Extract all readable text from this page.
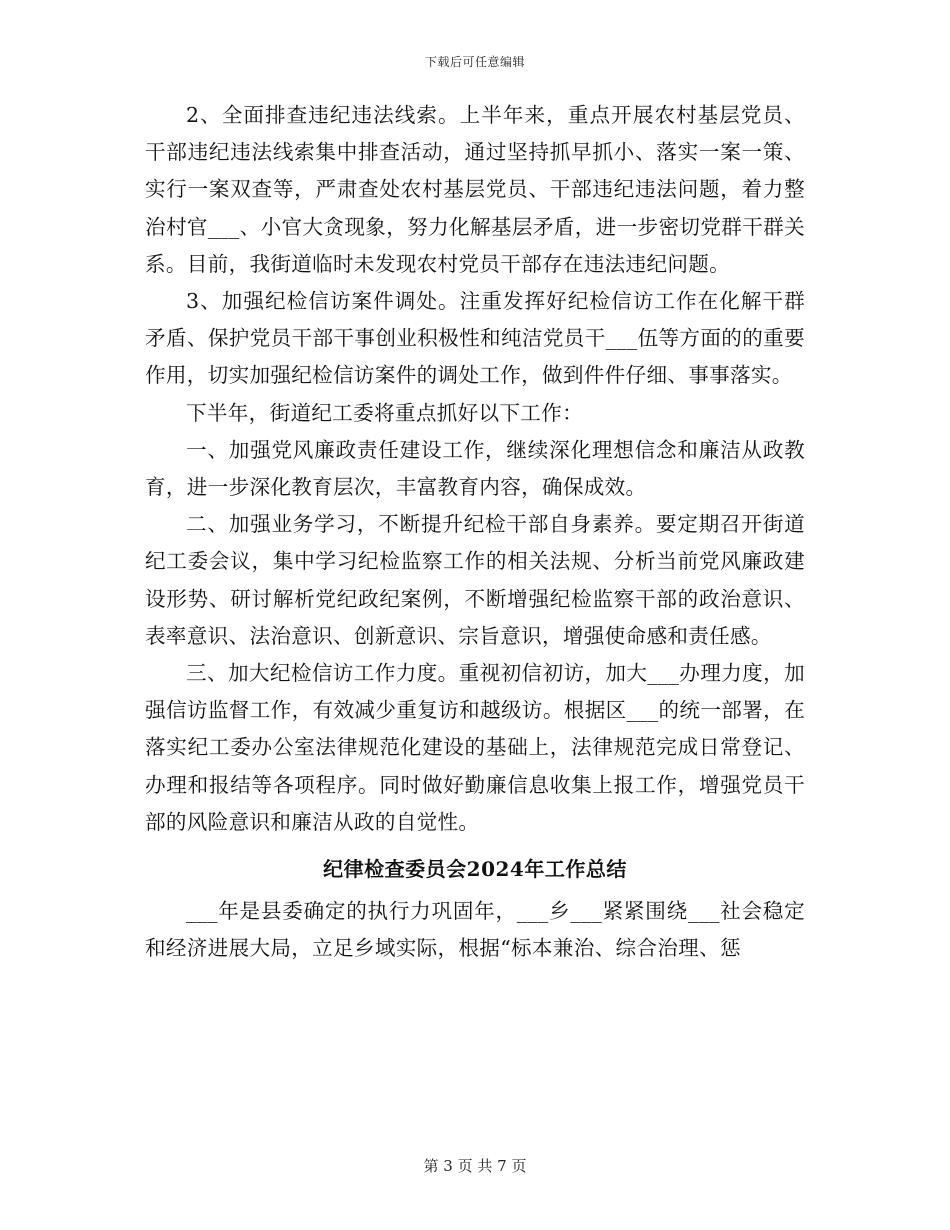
下载后可任意编辑

2、全面排查违纪违法线索。上半年来，重点开展农村基层党员、干部违纪违法线索集中排查活动，通过坚持抓早抓小、落实一案一策、实行一案双查等，严肃查处农村基层党员、干部违纪违法问题，着力整治村官___、小官大贪现象，努力化解基层矛盾，进一步密切党群干群关系。目前，我街道临时未发现农村党员干部存在违法违纪问题。

3、加强纪检信访案件调处。注重发挥好纪检信访工作在化解干群矛盾、保护党员干部干事创业积极性和纯洁党员干___伍等方面的的重要作用，切实加强纪检信访案件的调处工作，做到件件仔细、事事落实。

下半年，街道纪工委将重点抓好以下工作：

一、加强党风廉政责任建设工作，继续深化理想信念和廉洁从政教育，进一步深化教育层次，丰富教育内容，确保成效。

二、加强业务学习，不断提升纪检干部自身素养。要定期召开街道纪工委会议，集中学习纪检监察工作的相关法规、分析当前党风廉政建设形势、研讨解析党纪政纪案例，不断增强纪检监察干部的政治意识、表率意识、法治意识、创新意识、宗旨意识，增强使命感和责任感。

三、加大纪检信访工作力度。重视初信初访，加大___办理力度，加强信访监督工作，有效减少重复访和越级访。根据区___的统一部署，在落实纪工委办公室法律规范化建设的基础上，法律规范完成日常登记、办理和报结等各项程序。同时做好勤廉信息收集上报工作，增强党员干部的风险意识和廉洁从政的自觉性。

纪律检查委员会2024年工作总结

___年是县委确定的执行力巩固年，___乡___紧紧围绕___社会稳定和经济进展大局，立足乡域实际，根据“标本兼治、综合治理、惩

第 3 页 共 7 页
